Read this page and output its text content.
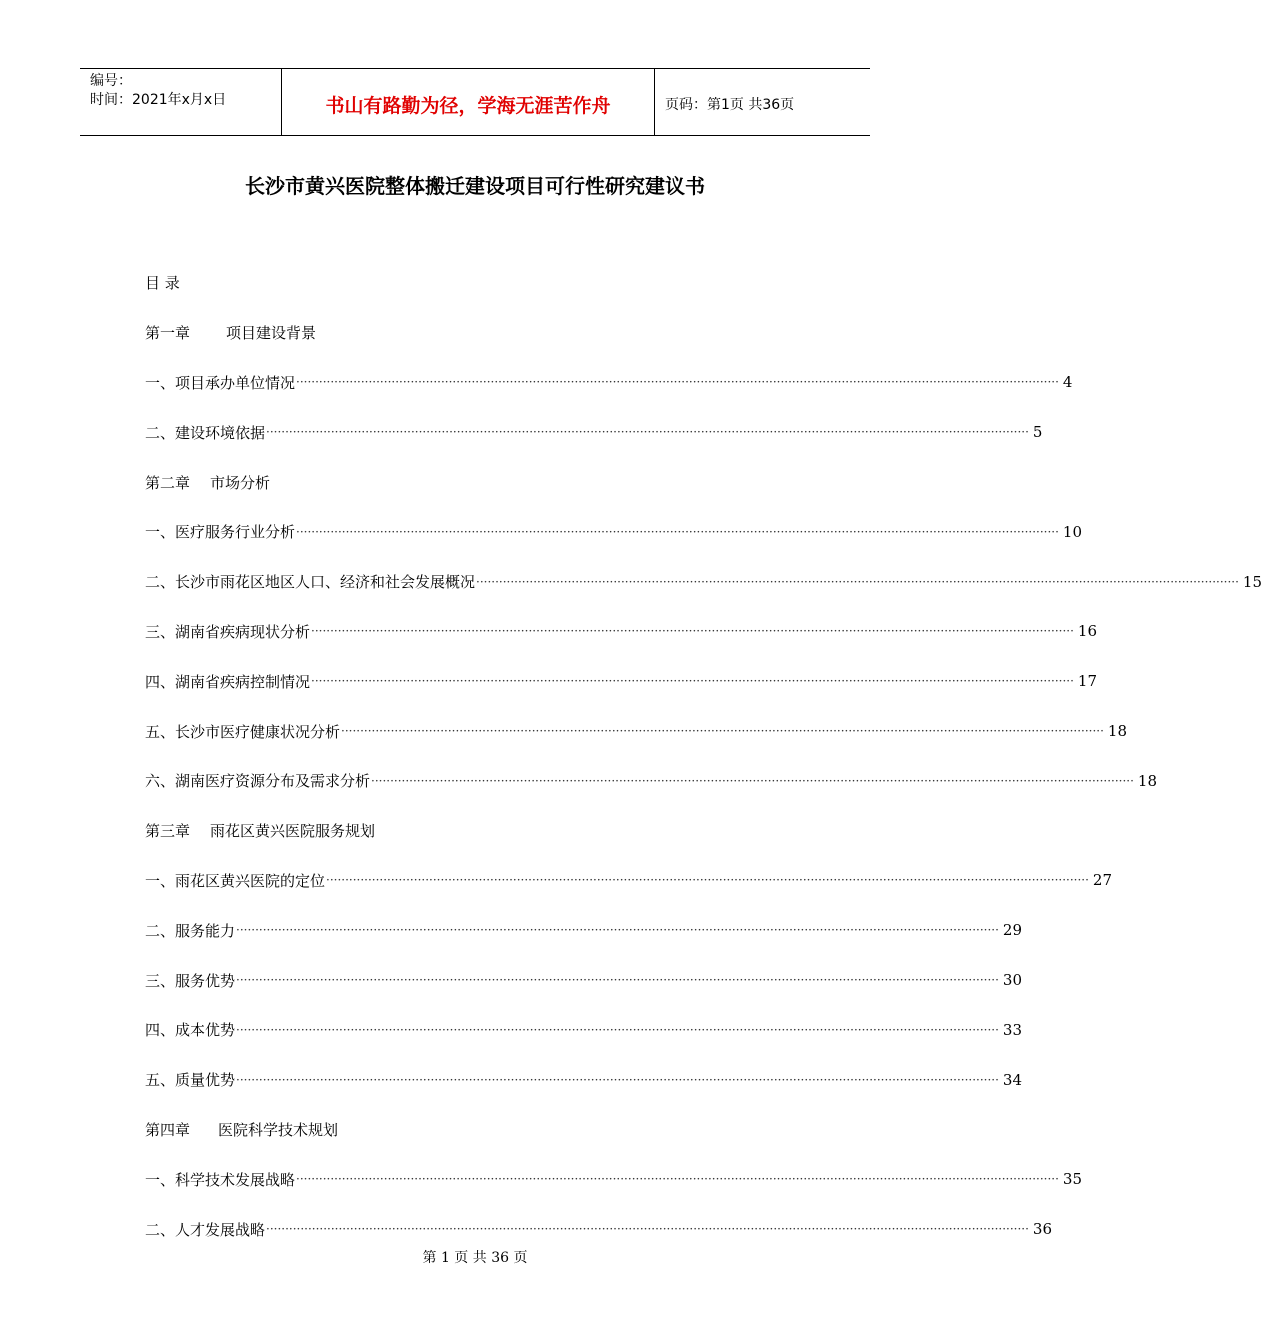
编号：
时间：2021年x月x日	书山有路勤为径，学海无涯苦作舟	页码：第1页 共36页
长沙市黄兴医院整体搬迁建设项目可行性研究建议书
目 录
第一章 项目建设背景
一、项目承办单位情况 ········································································································································································································ 4
二、建设环境依据 ········································································································································································································ 5
第二章 市场分析
一、医疗服务行业分析 ········································································································································································································ 10
二、长沙市雨花区地区人口、经济和社会发展概况 ········································································································································································································ 15
三、湖南省疾病现状分析 ········································································································································································································ 16
四、湖南省疾病控制情况 ········································································································································································································ 17
五、长沙市医疗健康状况分析 ········································································································································································································ 18
六、湖南医疗资源分布及需求分析 ········································································································································································································ 18
第三章 雨花区黄兴医院服务规划
一、雨花区黄兴医院的定位 ········································································································································································································ 27
二、服务能力 ········································································································································································································ 29
三、服务优势 ········································································································································································································ 30
四、成本优势 ········································································································································································································ 33
五、质量优势 ········································································································································································································ 34
第四章 医院科学技术规划
一、科学技术发展战略 ········································································································································································································ 35
二、人才发展战略 ········································································································································································································ 36
第 1 页 共 36 页
